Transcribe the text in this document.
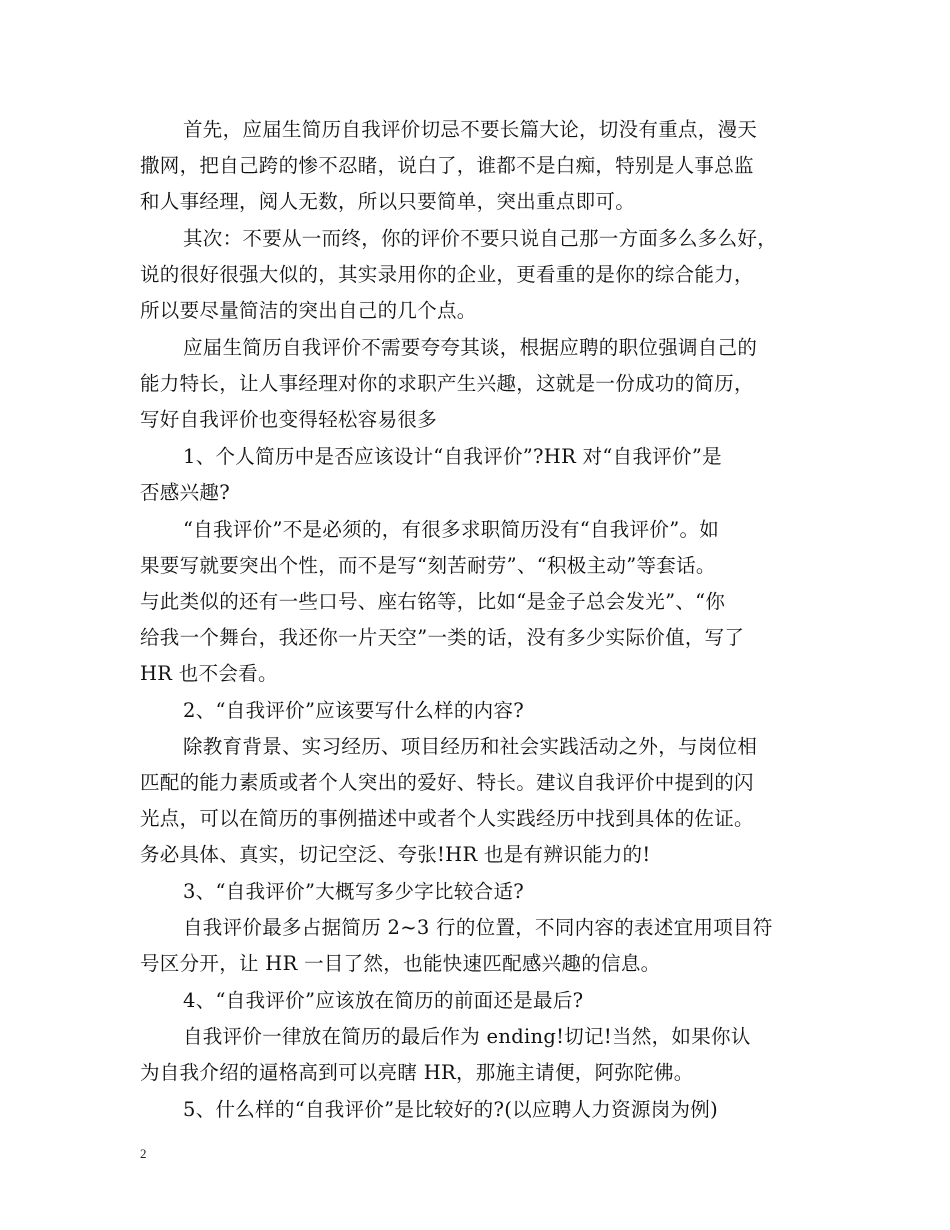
首先，应届生简历自我评价切忌不要长篇大论，切没有重点，漫天
撒网，把自己跨的惨不忍睹，说白了，谁都不是白痴，特别是人事总监
和人事经理，阅人无数，所以只要简单，突出重点即可。
其次：不要从一而终，你的评价不要只说自己那一方面多么多么好，
说的很好很强大似的，其实录用你的企业，更看重的是你的综合能力，
所以要尽量简洁的突出自己的几个点。
应届生简历自我评价不需要夸夸其谈，根据应聘的职位强调自己的
能力特长，让人事经理对你的求职产生兴趣，这就是一份成功的简历，
写好自我评价也变得轻松容易很多
1、个人简历中是否应该设计“自我评价”?HR 对“自我评价”是
否感兴趣?
“自我评价”不是必须的，有很多求职简历没有“自我评价”。如
果要写就要突出个性，而不是写“刻苦耐劳”、“积极主动”等套话。
与此类似的还有一些口号、座右铭等，比如“是金子总会发光”、“你
给我一个舞台，我还你一片天空”一类的话，没有多少实际价值，写了
HR 也不会看。
2、“自我评价”应该要写什么样的内容?
除教育背景、实习经历、项目经历和社会实践活动之外，与岗位相
匹配的能力素质或者个人突出的爱好、特长。建议自我评价中提到的闪
光点，可以在简历的事例描述中或者个人实践经历中找到具体的佐证。
务必具体、真实，切记空泛、夸张!HR 也是有辨识能力的!
3、“自我评价”大概写多少字比较合适?
自我评价最多占据简历 2~3 行的位置，不同内容的表述宜用项目符
号区分开，让 HR 一目了然，也能快速匹配感兴趣的信息。
4、“自我评价”应该放在简历的前面还是最后?
自我评价一律放在简历的最后作为 ending!切记!当然，如果你认
为自我介绍的逼格高到可以亮瞎 HR，那施主请便，阿弥陀佛。
5、什么样的“自我评价”是比较好的?(以应聘人力资源岗为例)
2
